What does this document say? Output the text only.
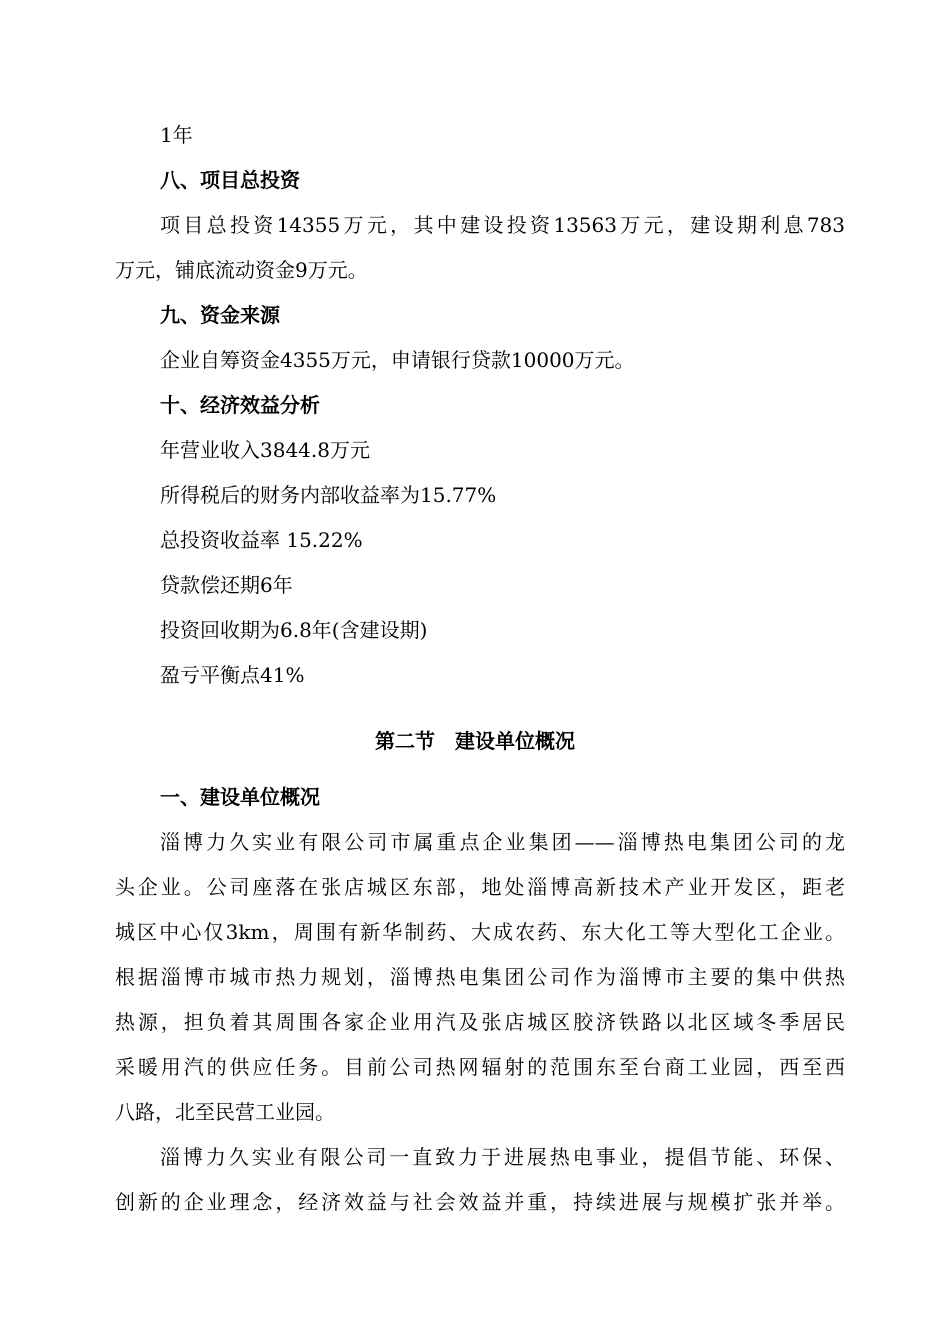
1年
八、项目总投资
项目总投资14355万元，其中建设投资13563万元，建设期利息783
万元，铺底流动资金9万元。
九、资金来源
企业自筹资金4355万元，申请银行贷款10000万元。
十、经济效益分析
年营业收入3844.8万元
所得税后的财务内部收益率为15.77%
总投资收益率 15.22%
贷款偿还期6年
投资回收期为6.8年(含建设期)
盈亏平衡点41%
第二节　建设单位概况
一、建设单位概况
淄博力久实业有限公司市属重点企业集团——淄博热电集团公司的龙
头企业。公司座落在张店城区东部，地处淄博高新技术产业开发区，距老
城区中心仅3km，周围有新华制药、大成农药、东大化工等大型化工企业。
根据淄博市城市热力规划，淄博热电集团公司作为淄博市主要的集中供热
热源，担负着其周围各家企业用汽及张店城区胶济铁路以北区域冬季居民
采暖用汽的供应任务。目前公司热网辐射的范围东至台商工业园，西至西
八路，北至民营工业园。
淄博力久实业有限公司一直致力于进展热电事业，提倡节能、环保、
创新的企业理念，经济效益与社会效益并重，持续进展与规模扩张并举。
